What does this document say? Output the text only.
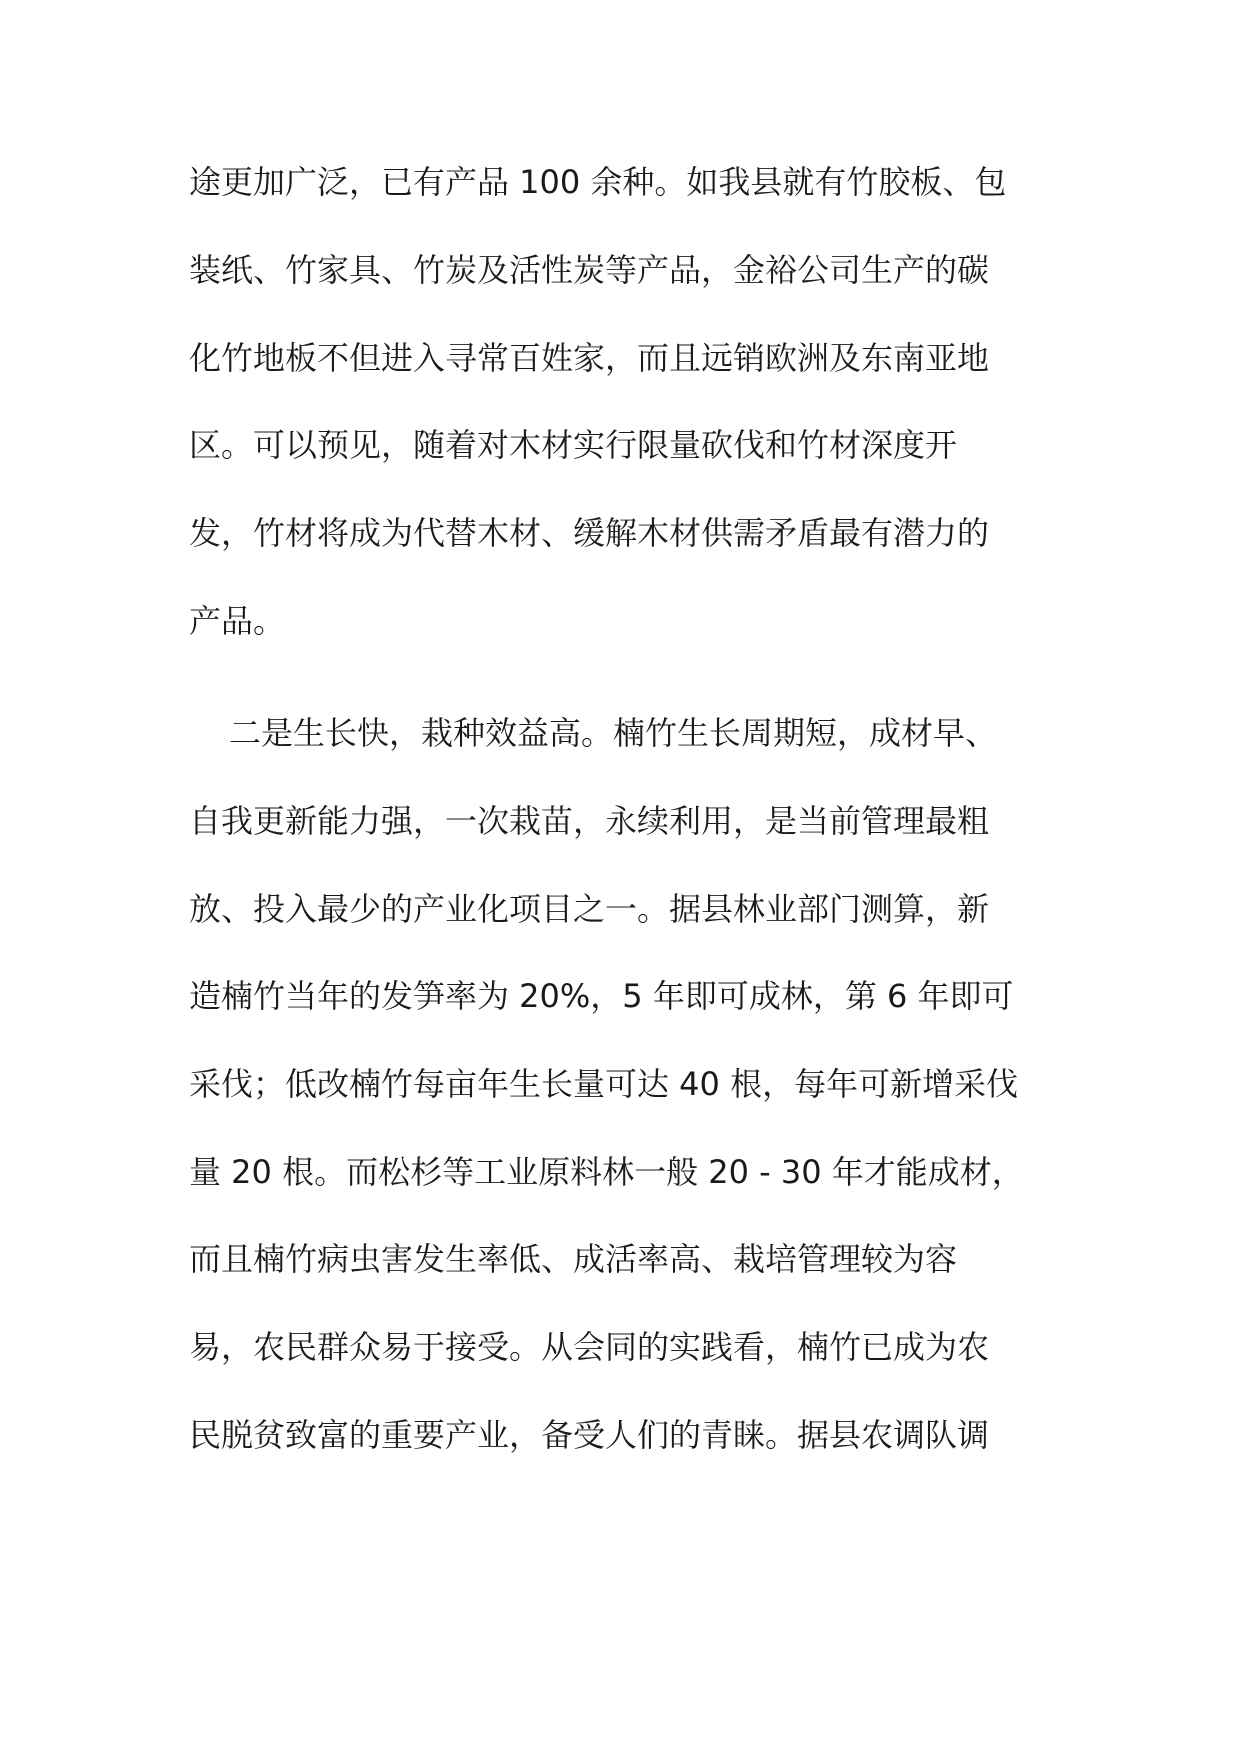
途更加广泛，已有产品 100 余种。如我县就有竹胶板、包
装纸、竹家具、竹炭及活性炭等产品，金裕公司生产的碳
化竹地板不但进入寻常百姓家，而且远销欧洲及东南亚地
区。可以预见，随着对木材实行限量砍伐和竹材深度开
发，竹材将成为代替木材、缓解木材供需矛盾最有潜力的
产品。
二是生长快，栽种效益高。楠竹生长周期短，成材早、
自我更新能力强，一次栽苗，永续利用，是当前管理最粗
放、投入最少的产业化项目之一。据县林业部门测算，新
造楠竹当年的发笋率为 20%，5 年即可成林，第 6 年即可
采伐；低改楠竹每亩年生长量可达 40 根，每年可新增采伐
量 20 根。而松杉等工业原料林一般 20 - 30 年才能成材，
而且楠竹病虫害发生率低、成活率高、栽培管理较为容
易，农民群众易于接受。从会同的实践看，楠竹已成为农
民脱贫致富的重要产业，备受人们的青睐。据县农调队调
